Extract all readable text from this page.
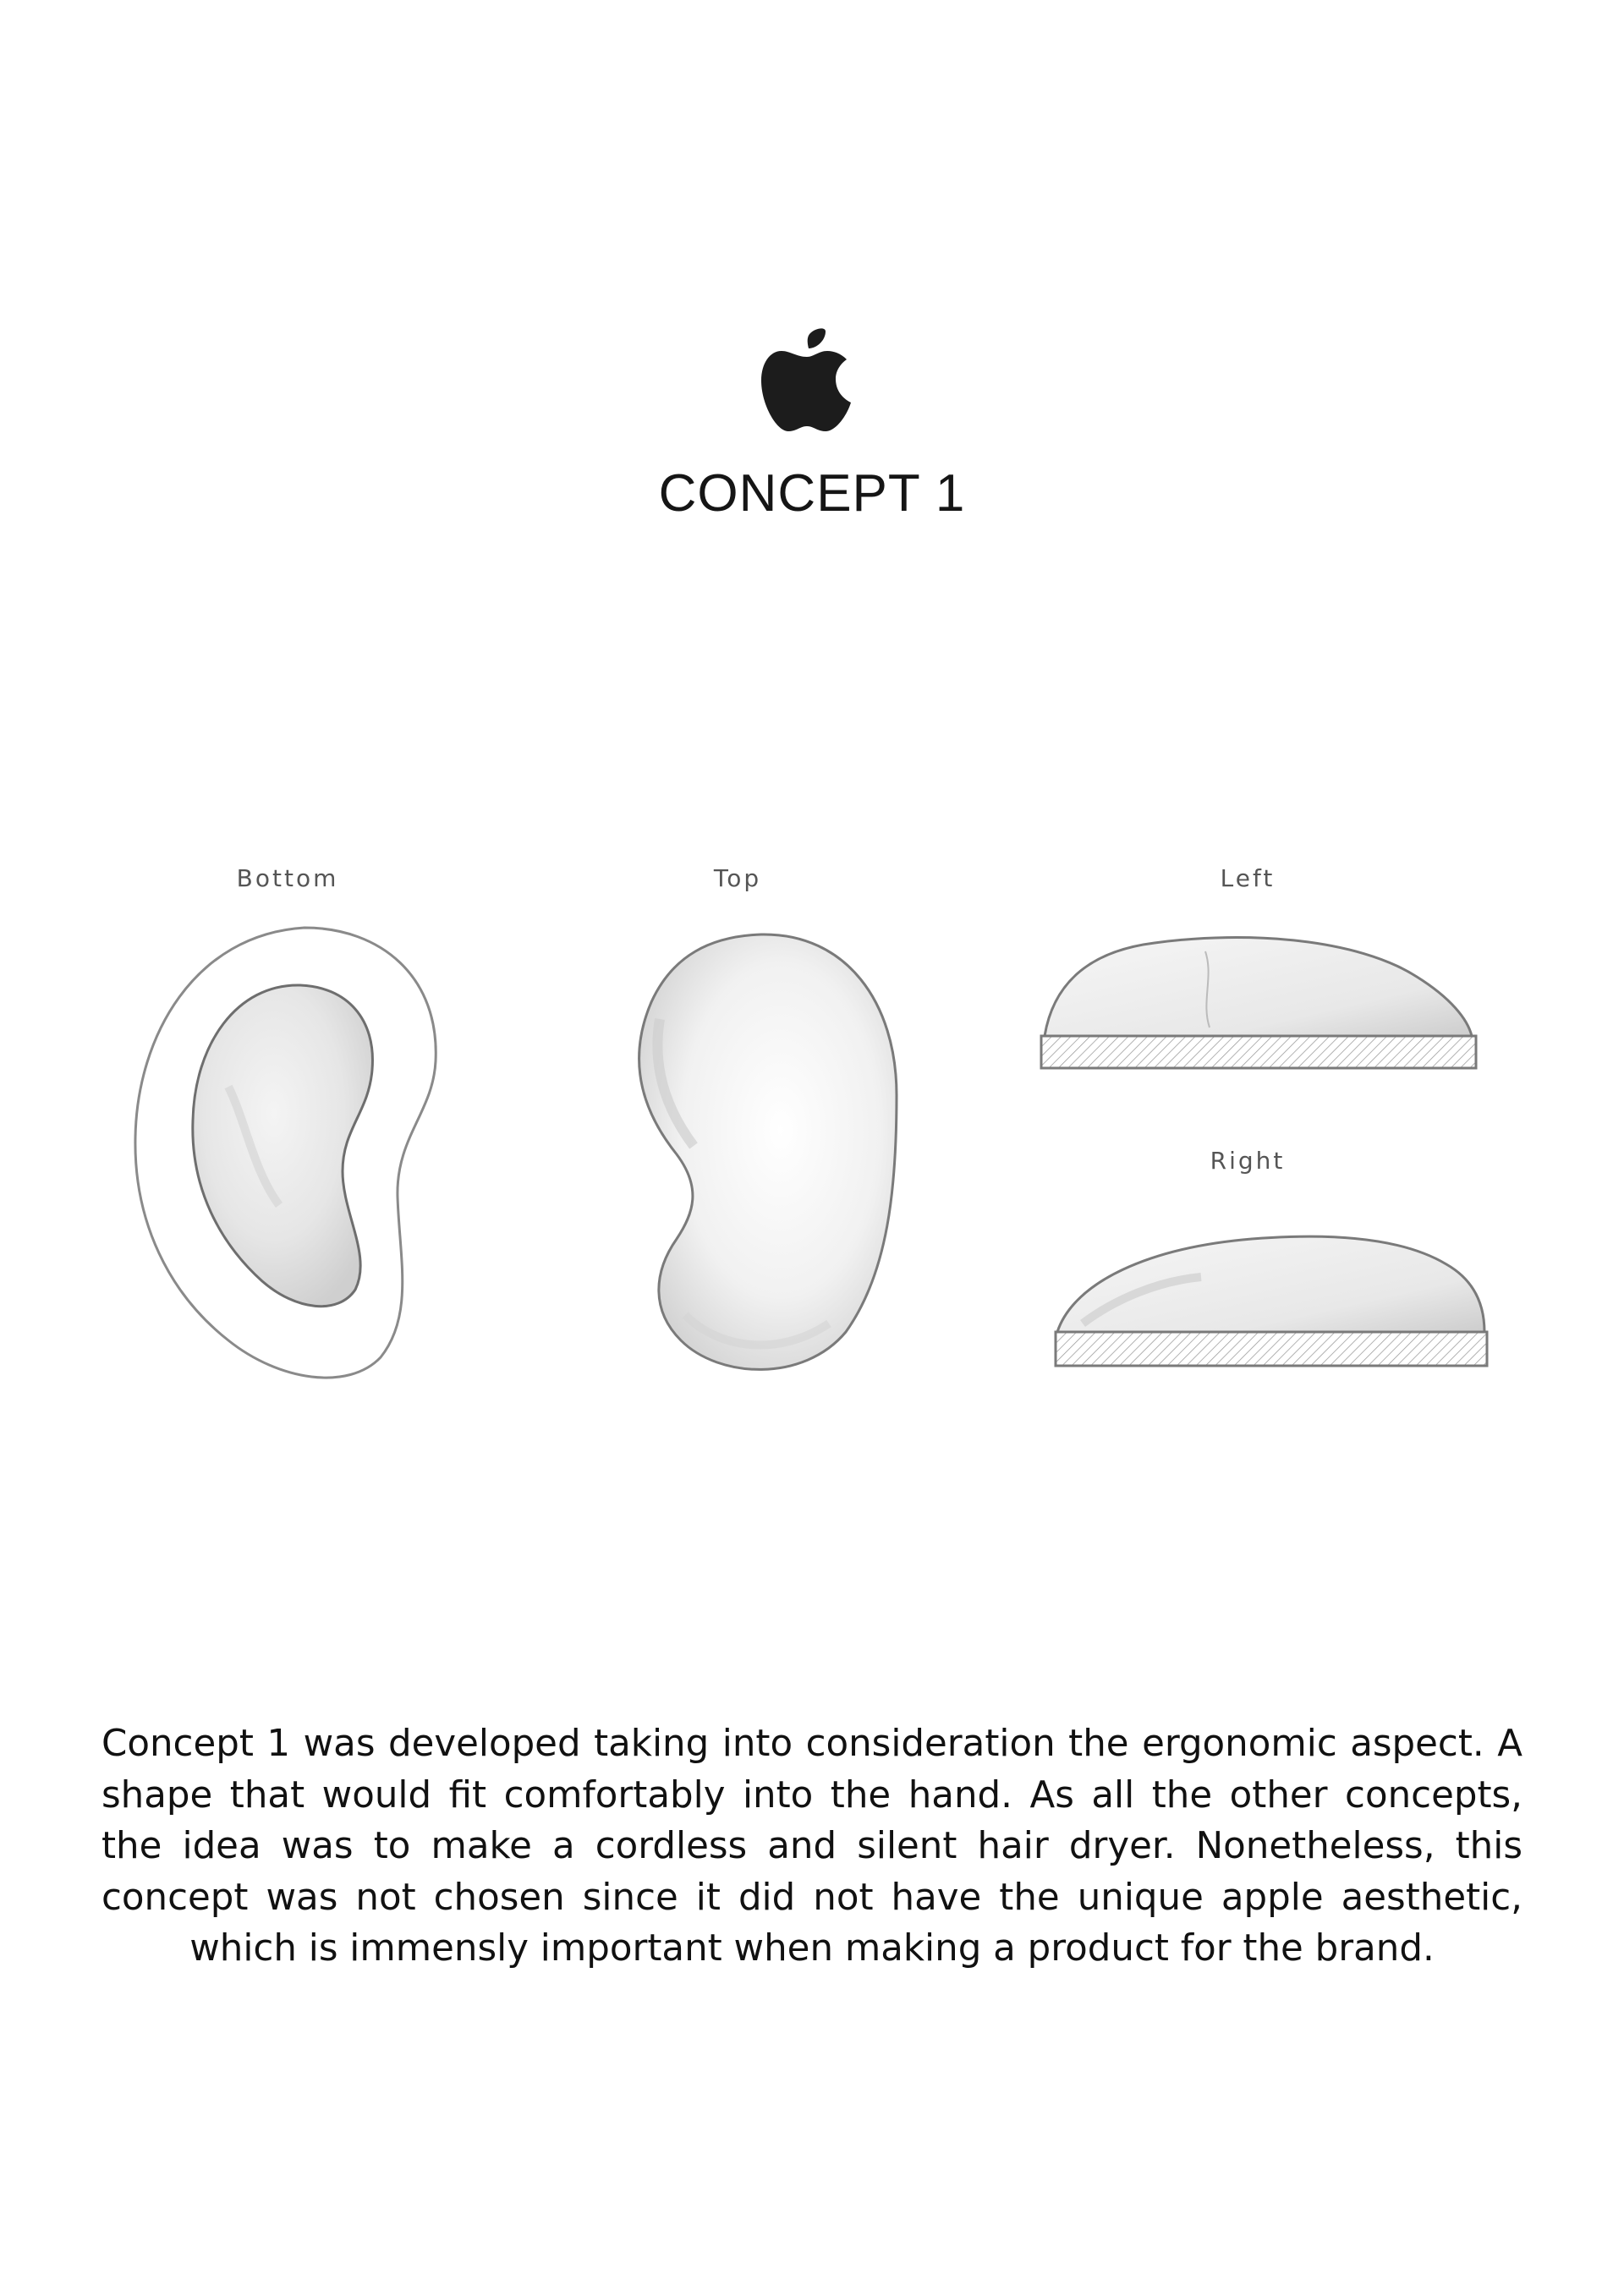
CONCEPT 1
Bottom	Top	Left
Right

Concept 1 was developed taking into consideration the ergonomic aspect. A shape that would fit comfortably into the hand. As all the other concepts, the idea was to make a cordless and silent hair dryer. Nonetheless, this concept was not chosen since it did not have the unique apple aesthetic, which is immensly important when making a product for the brand.
